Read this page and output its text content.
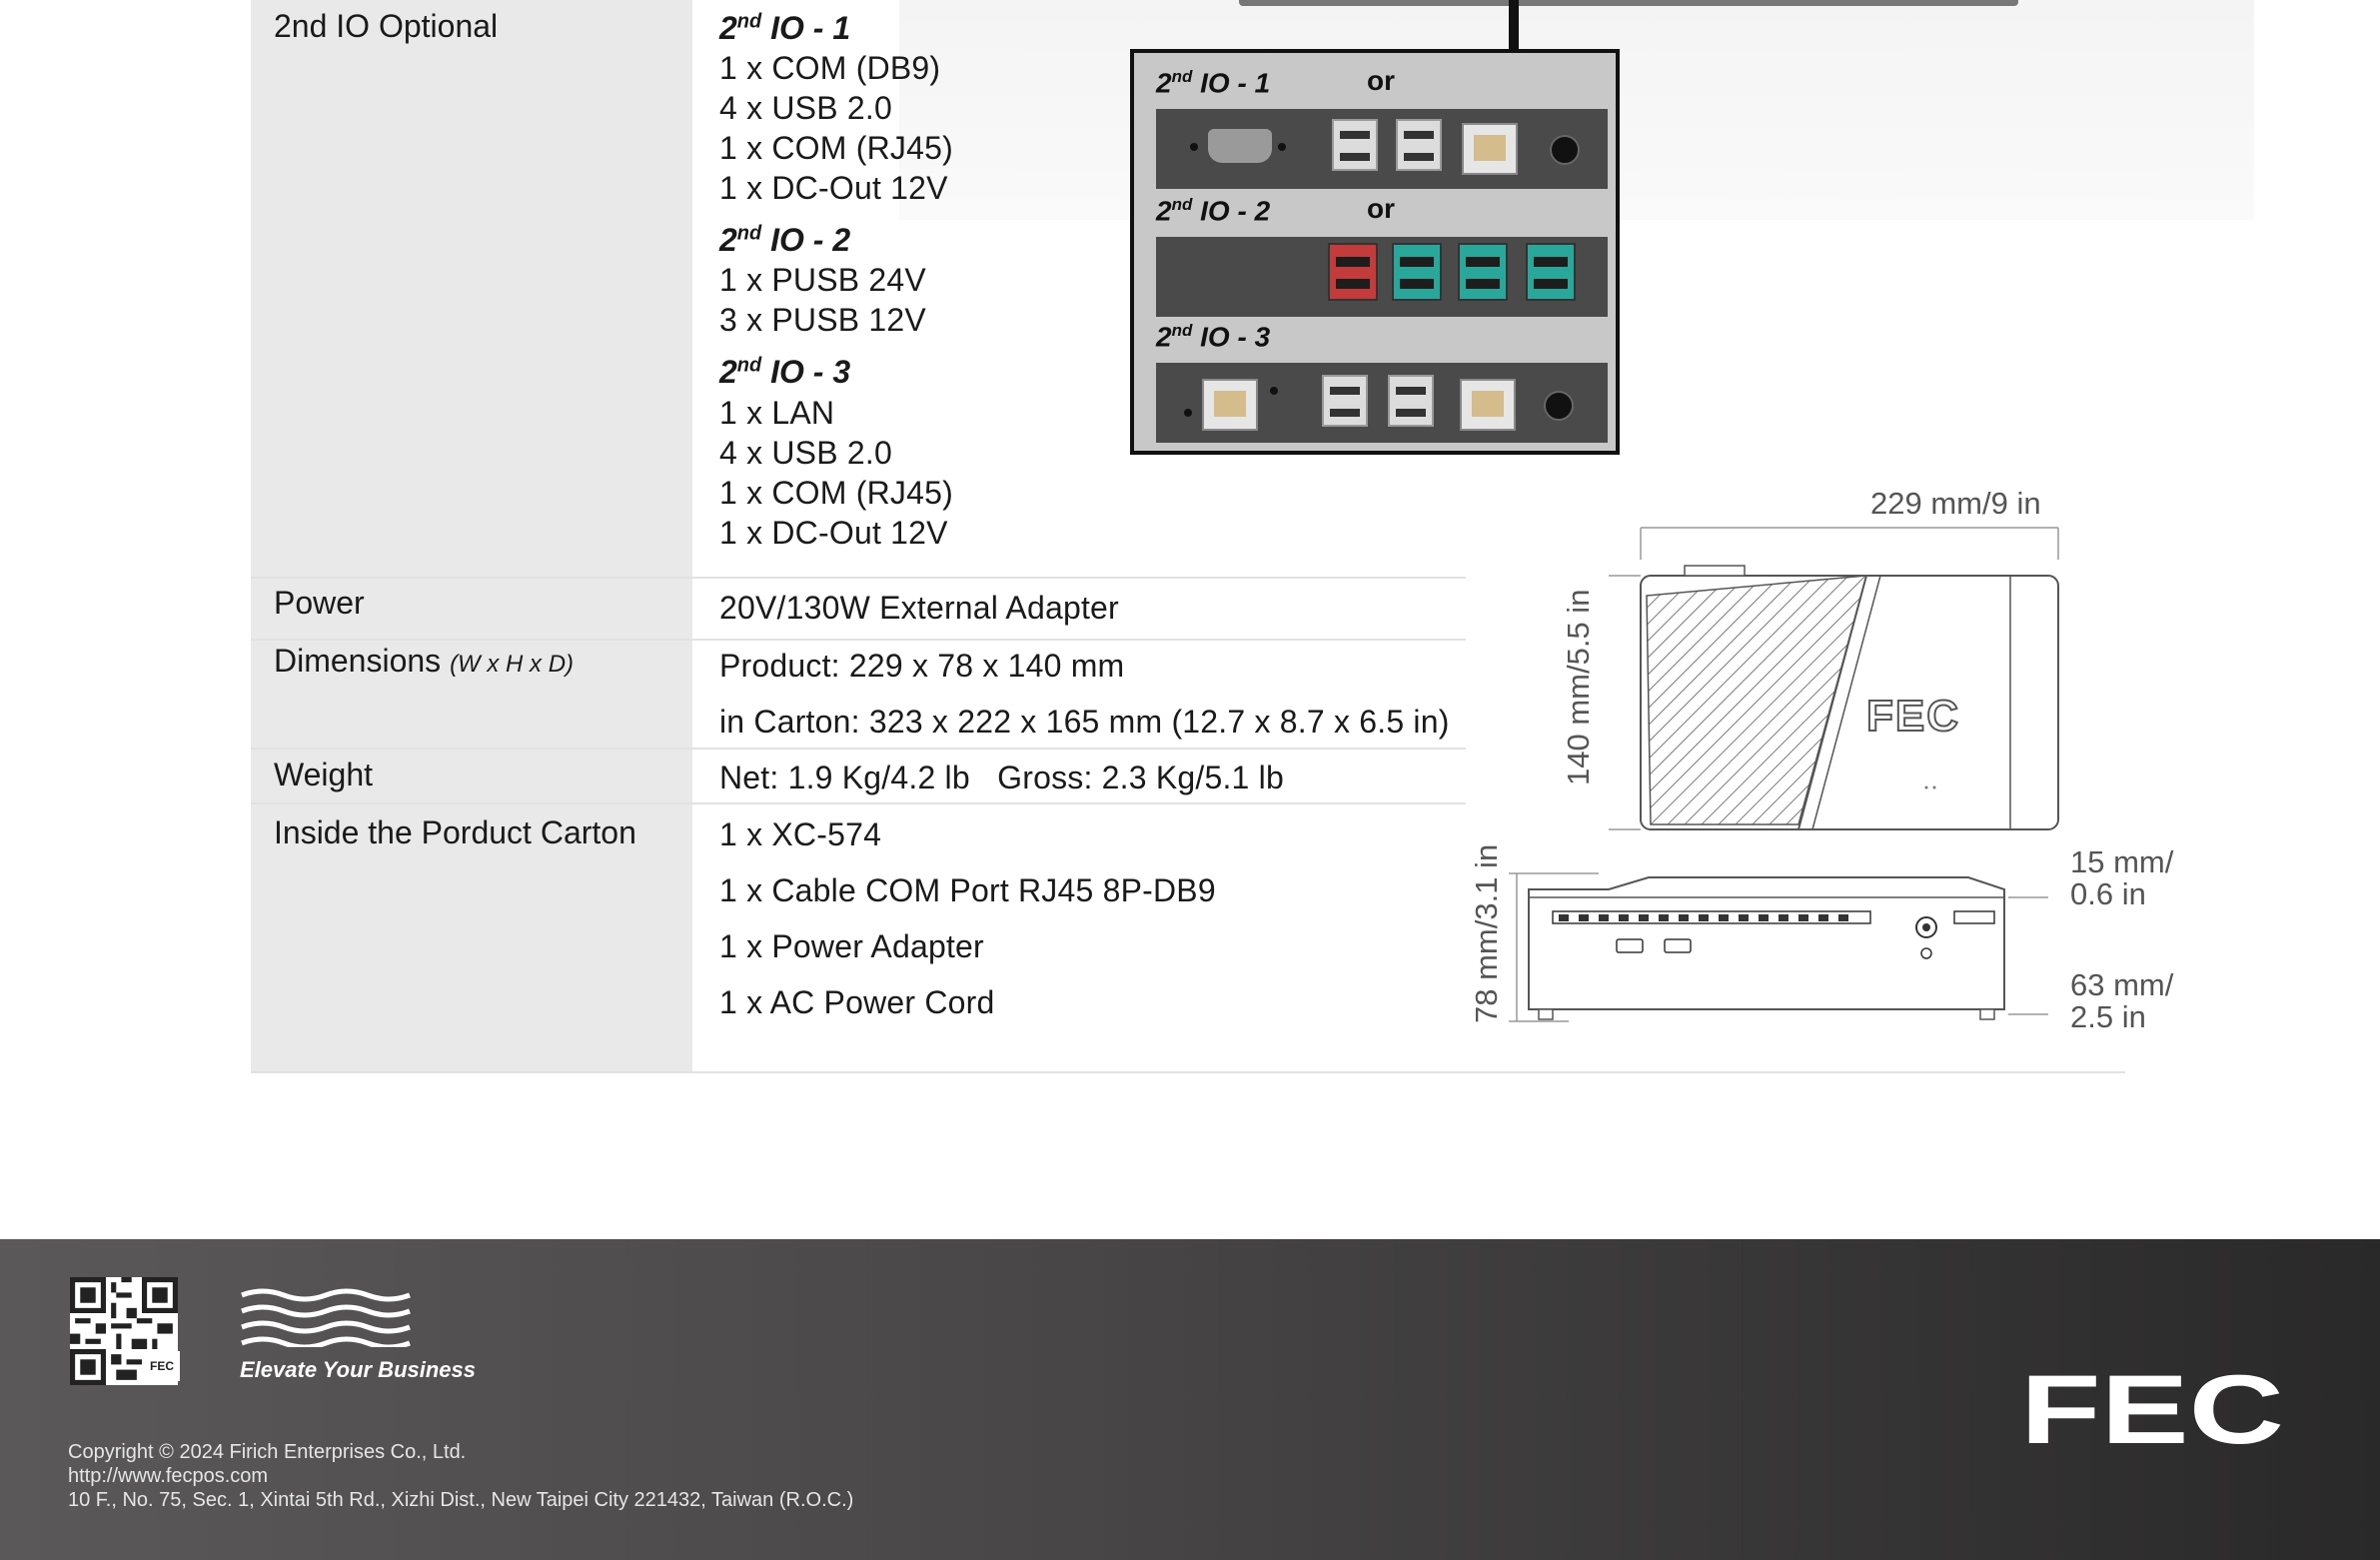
2nd IO Optional	2nd IO - 1
1 x COM (DB9)
4 x USB 2.0
1 x COM (RJ45)
1 x DC-Out 12V
2nd IO - 2
1 x PUSB 24V
3 x PUSB 12V
2nd IO - 3
1 x LAN
4 x USB 2.0
1 x COM (RJ45)
1 x DC-Out 12V
Power	20V/130W External Adapter
Dimensions (W x H x D)	Product: 229 x 78 x 140 mm
in Carton: 323 x 222 x 165 mm (12.7 x 8.7 x 6.5 in)
Weight	Net: 1.9 Kg/4.2 lb   Gross: 2.3 Kg/5.1 lb
Inside the Porduct Carton	1 x XC-574
1 x Cable COM Port RJ45 8P-DB9
1 x Power Adapter
1 x AC Power Cord
2nd IO - 1	or
2nd IO - 2	or
2nd IO - 3
229 mm/9 in
140 mm/5.5 in
78 mm/3.1 in	15 mm/
0.6 in
63 mm/
2.5 in
FEC
FEC	Elevate Your Business
Copyright © 2024 Firich Enterprises Co., Ltd.
http://www.fecpos.com
10 F., No. 75, Sec. 1, Xintai 5th Rd., Xizhi Dist., New Taipei City 221432, Taiwan (R.O.C.)
FEC
